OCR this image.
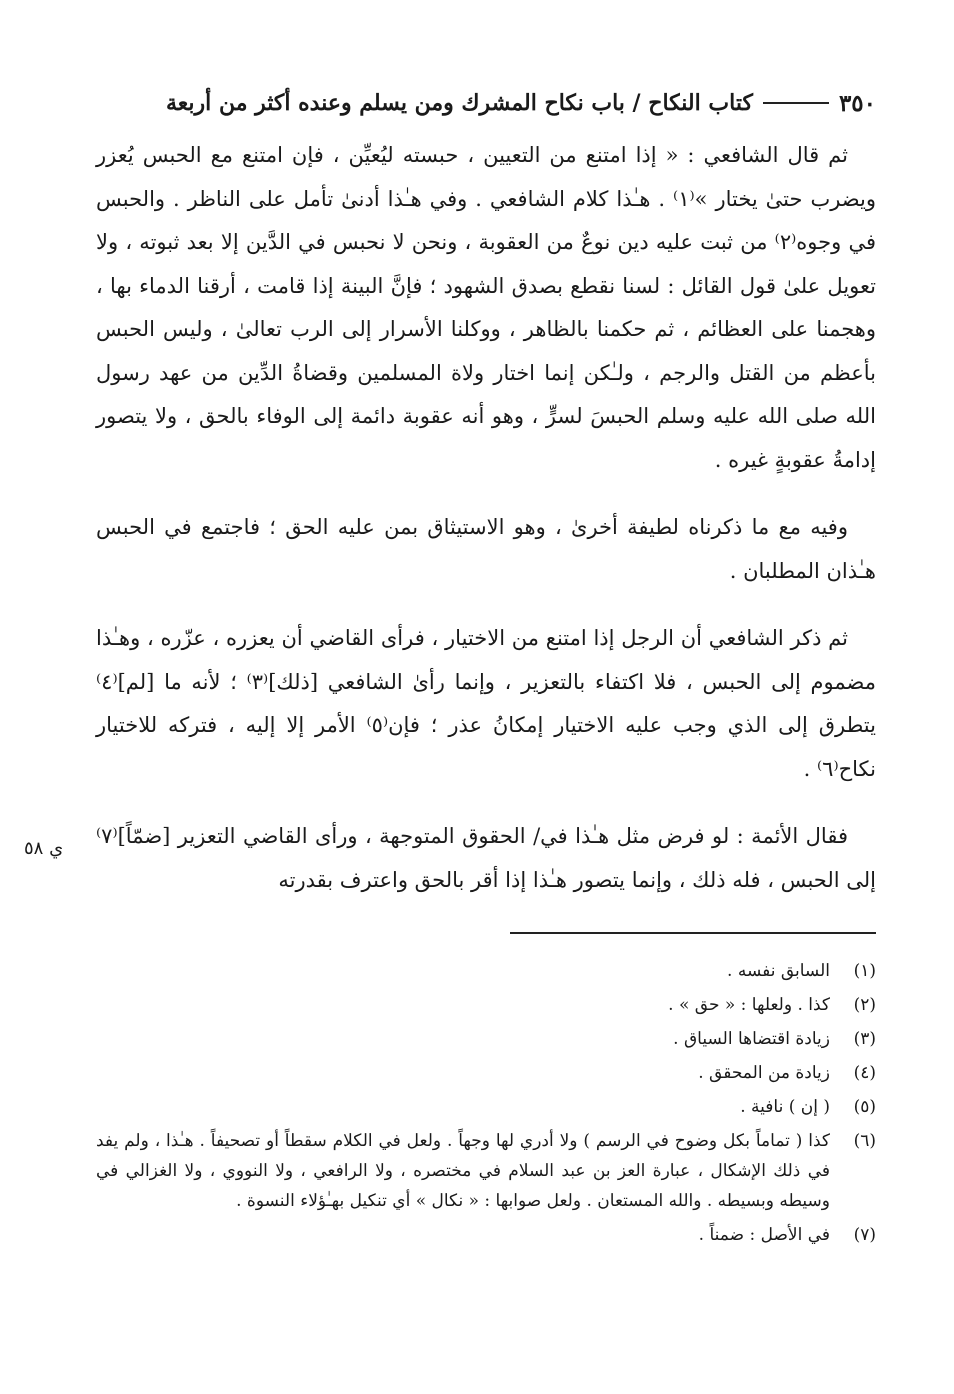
٣٥٠
كتاب النكاح / باب نكاح المشرك ومن يسلم وعنده أكثر من أربعة

ثم قال الشافعي : « إذا امتنع من التعيين ، حبسته ليُعيِّن ، فإن امتنع مع الحبس يُعزر ويضرب حتىٰ يختار »⁽١⁾ . هـٰذا كلام الشافعي . وفي هـٰذا أدنىٰ تأمل على الناظر . والحبس في وجوه⁽٢⁾ من ثبت عليه دين نوعٌ من العقوبة ، ونحن لا نحبس في الدَّين إلا بعد ثبوته ، ولا تعويل علىٰ قول القائل : لسنا نقطع بصدق الشهود ؛ فإنَّ البينة إذا قامت ، أرقنا الدماء بها ، وهجمنا على العظائم ، ثم حكمنا بالظاهر ، ووكلنا الأسرار إلى الرب تعالىٰ ، وليس الحبس بأعظم من القتل والرجم ، ولـٰكن إنما اختار ولاة المسلمين وقضاةُ الدِّين من عهد رسول الله صلى الله عليه وسلم الحبسَ لسرٍّ ، وهو أنه عقوبة دائمة إلى الوفاء بالحق ، ولا يتصور إدامةُ عقوبةٍ غيره .

وفيه مع ما ذكرناه لطيفة أخرىٰ ، وهو الاستيثاق بمن عليه الحق ؛ فاجتمع في الحبس هـٰذان المطلبان .

ثم ذكر الشافعي أن الرجل إذا امتنع من الاختيار ، فرأى القاضي أن يعزره ، عزّره ، وهـٰذا مضموم إلى الحبس ، فلا اكتفاء بالتعزير ، وإنما رأىٰ الشافعي [ذلك]⁽٣⁾ ؛ لأنه ما [لم]⁽٤⁾ يتطرق إلى الذي وجب عليه الاختيار إمكانُ عذر ؛ فإن⁽٥⁾ الأمر إلا إليه ، فتركه للاختيار نكاح⁽٦⁾ .

فقال الأئمة : لو فرض مثل هـٰذا في/ الحقوق المتوجهة ، ورأى القاضي التعزير [ضمّاً]⁽٧⁾ إلى الحبس ، فله ذلك ، وإنما يتصور هـٰذا إذا أقر بالحق واعترف بقدرته

ي ٥٨
(١)
السابق نفسه .
(٢)
كذا . ولعلها : « حق » .
(٣)
زيادة اقتضاها السياق .
(٤)
زيادة من المحقق .
(٥)
( إن ) نافية .
(٦)
كذا ( تماماً بكل وضوح في الرسم ) ولا أدري لها وجهاً . ولعل في الكلام سقطاً أو تصحيفاً . هـٰذا ، ولم يفد في ذلك الإشكال ، عبارة العز بن عبد السلام في مختصره ، ولا الرافعي ، ولا النووي ، ولا الغزالي في وسيطه وبسيطه . والله المستعان . ولعل صوابها : « نكال » أي تنكيل بهـٰؤلاء النسوة .
(٧)
في الأصل : ضمناً .
